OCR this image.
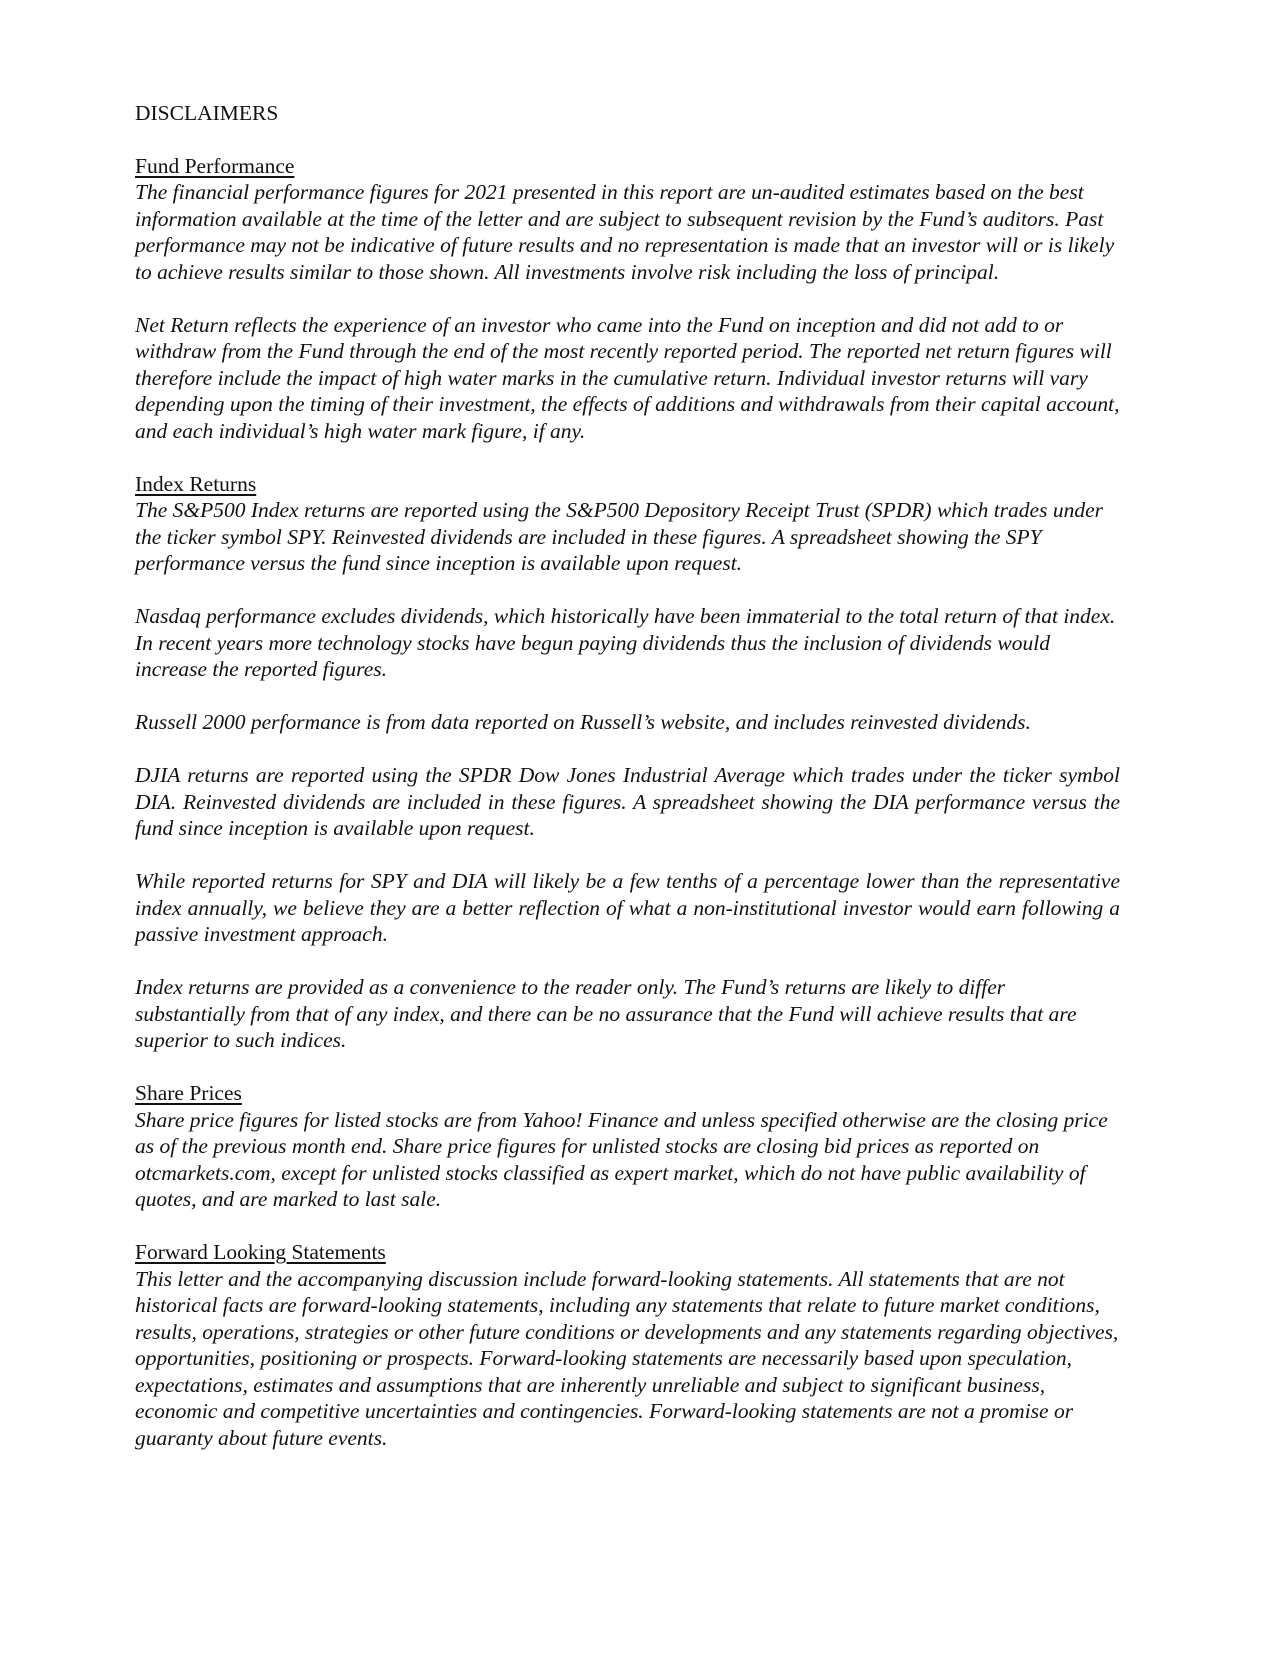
DISCLAIMERS
Fund Performance

The financial performance figures for 2021 presented in this report are un-audited estimates based on the best information available at the time of the letter and are subject to subsequent revision by the Fund’s auditors. Past performance may not be indicative of future results and no representation is made that an investor will or is likely to achieve results similar to those shown. All investments involve risk including the loss of principal.

Net Return reflects the experience of an investor who came into the Fund on inception and did not add to or withdraw from the Fund through the end of the most recently reported period. The reported net return figures will therefore include the impact of high water marks in the cumulative return. Individual investor returns will vary depending upon the timing of their investment, the effects of additions and withdrawals from their capital account, and each individual’s high water mark figure, if any.

Index Returns

The S&P500 Index returns are reported using the S&P500 Depository Receipt Trust (SPDR) which trades under the ticker symbol SPY. Reinvested dividends are included in these figures. A spreadsheet showing the SPY performance versus the fund since inception is available upon request.

Nasdaq performance excludes dividends, which historically have been immaterial to the total return of that index. In recent years more technology stocks have begun paying dividends thus the inclusion of dividends would increase the reported figures.

Russell 2000 performance is from data reported on Russell’s website, and includes reinvested dividends.

DJIA returns are reported using the SPDR Dow Jones Industrial Average which trades under the ticker symbol DIA. Reinvested dividends are included in these figures. A spreadsheet showing the DIA performance versus the fund since inception is available upon request.

While reported returns for SPY and DIA will likely be a few tenths of a percentage lower than the representative index annually, we believe they are a better reflection of what a non-institutional investor would earn following a passive investment approach.

Index returns are provided as a convenience to the reader only. The Fund’s returns are likely to differ substantially from that of any index, and there can be no assurance that the Fund will achieve results that are superior to such indices.

Share Prices

Share price figures for listed stocks are from Yahoo! Finance and unless specified otherwise are the closing price as of the previous month end. Share price figures for unlisted stocks are closing bid prices as reported on otcmarkets.com, except for unlisted stocks classified as expert market, which do not have public availability of quotes, and are marked to last sale.

Forward Looking Statements

This letter and the accompanying discussion include forward-looking statements. All statements that are not historical facts are forward-looking statements, including any statements that relate to future market conditions, results, operations, strategies or other future conditions or developments and any statements regarding objectives, opportunities, positioning or prospects. Forward-looking statements are necessarily based upon speculation, expectations, estimates and assumptions that are inherently unreliable and subject to significant business, economic and competitive uncertainties and contingencies. Forward-looking statements are not a promise or guaranty about future events.
